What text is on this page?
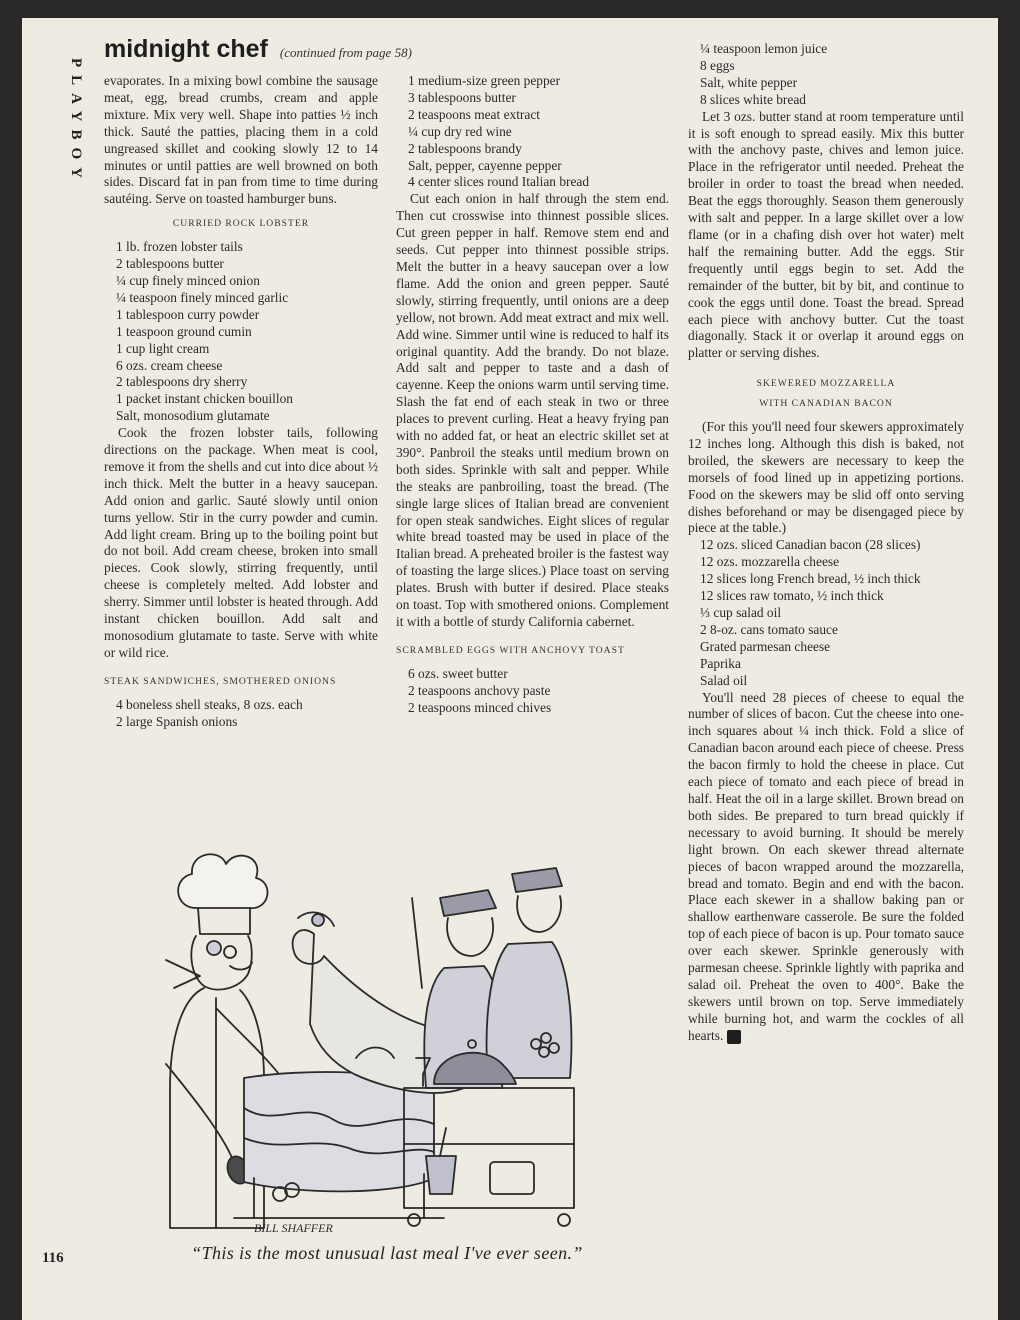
PLAYBOY
midnight chef (continued from page 58)

evaporates. In a mixing bowl combine the sausage meat, egg, bread crumbs, cream and apple mixture. Mix very well. Shape into patties ½ inch thick. Sauté the patties, placing them in a cold ungreased skillet and cooking slowly 12 to 14 minutes or until patties are well browned on both sides. Discard fat in pan from time to time during sautéing. Serve on toasted hamburger buns.

CURRIED ROCK LOBSTER
1 lb. frozen lobster tails
2 tablespoons butter
¼ cup finely minced onion
¼ teaspoon finely minced garlic
1 tablespoon curry powder
1 teaspoon ground cumin
1 cup light cream
6 ozs. cream cheese
2 tablespoons dry sherry
1 packet instant chicken bouillon
Salt, monosodium glutamate

Cook the frozen lobster tails, following directions on the package. When meat is cool, remove it from the shells and cut into dice about ½ inch thick. Melt the butter in a heavy saucepan. Add onion and garlic. Sauté slowly until onion turns yellow. Stir in the curry powder and cumin. Add light cream. Bring up to the boiling point but do not boil. Add cream cheese, broken into small pieces. Cook slowly, stirring frequently, until cheese is completely melted. Add lobster and sherry. Simmer until lobster is heated through. Add instant chicken bouillon. Add salt and monosodium glutamate to taste. Serve with white or wild rice.

STEAK SANDWICHES, SMOTHERED ONIONS
4 boneless shell steaks, 8 ozs. each
2 large Spanish onions
1 medium-size green pepper
3 tablespoons butter
2 teaspoons meat extract
¼ cup dry red wine
2 tablespoons brandy
Salt, pepper, cayenne pepper
4 center slices round Italian bread

Cut each onion in half through the stem end. Then cut crosswise into thinnest possible slices. Cut green pepper in half. Remove stem end and seeds. Cut pepper into thinnest possible strips. Melt the butter in a heavy saucepan over a low flame. Add the onion and green pepper. Sauté slowly, stirring frequently, until onions are a deep yellow, not brown. Add meat extract and mix well. Add wine. Simmer until wine is reduced to half its original quantity. Add the brandy. Do not blaze. Add salt and pepper to taste and a dash of cayenne. Keep the onions warm until serving time. Slash the fat end of each steak in two or three places to prevent curling. Heat a heavy frying pan with no added fat, or heat an electric skillet set at 390°. Panbroil the steaks until medium brown on both sides. Sprinkle with salt and pepper. While the steaks are panbroiling, toast the bread. (The single large slices of Italian bread are convenient for open steak sandwiches. Eight slices of regular white bread toasted may be used in place of the Italian bread. A preheated broiler is the fastest way of toasting the large slices.) Place toast on serving plates. Brush with butter if desired. Place steaks on toast. Top with smothered onions. Complement it with a bottle of sturdy California cabernet.

SCRAMBLED EGGS WITH ANCHOVY TOAST
6 ozs. sweet butter
2 teaspoons anchovy paste
2 teaspoons minced chives
¼ teaspoon lemon juice
8 eggs
Salt, white pepper
8 slices white bread

Let 3 ozs. butter stand at room temperature until it is soft enough to spread easily. Mix this butter with the anchovy paste, chives and lemon juice. Place in the refrigerator until needed. Preheat the broiler in order to toast the bread when needed. Beat the eggs thoroughly. Season them generously with salt and pepper. In a large skillet over a low flame (or in a chafing dish over hot water) melt half the remaining butter. Add the eggs. Stir frequently until eggs begin to set. Add the remainder of the butter, bit by bit, and continue to cook the eggs until done. Toast the bread. Spread each piece with anchovy butter. Cut the toast diagonally. Stack it or overlap it around eggs on platter or serving dishes.

SKEWERED MOZZARELLA
WITH CANADIAN BACON

(For this you'll need four skewers approximately 12 inches long. Although this dish is baked, not broiled, the skewers are necessary to keep the morsels of food lined up in appetizing portions. Food on the skewers may be slid off onto serving dishes beforehand or may be disengaged piece by piece at the table.)

12 ozs. sliced Canadian bacon (28 slices)
12 ozs. mozzarella cheese
12 slices long French bread, ½ inch thick
12 slices raw tomato, ½ inch thick
⅓ cup salad oil
2 8-oz. cans tomato sauce
Grated parmesan cheese
Paprika
Salad oil

You'll need 28 pieces of cheese to equal the number of slices of bacon. Cut the cheese into one-inch squares about ¼ inch thick. Fold a slice of Canadian bacon around each piece of cheese. Press the bacon firmly to hold the cheese in place. Cut each piece of tomato and each piece of bread in half. Heat the oil in a large skillet. Brown bread on both sides. Be prepared to turn bread quickly if necessary to avoid burning. It should be merely light brown. On each skewer thread alternate pieces of bacon wrapped around the mozzarella, bread and tomato. Begin and end with the bacon. Place each skewer in a shallow baking pan or shallow earthenware casserole. Be sure the folded top of each piece of bacon is up. Pour tomato sauce over each skewer. Sprinkle generously with parmesan cheese. Sprinkle lightly with paprika and salad oil. Preheat the oven to 400°. Bake the skewers until brown on top. Serve immediately while burning hot, and warm the cockles of all hearts. Y

BILL SHAFFER
“This is the most unusual last meal I've ever seen.”
116
